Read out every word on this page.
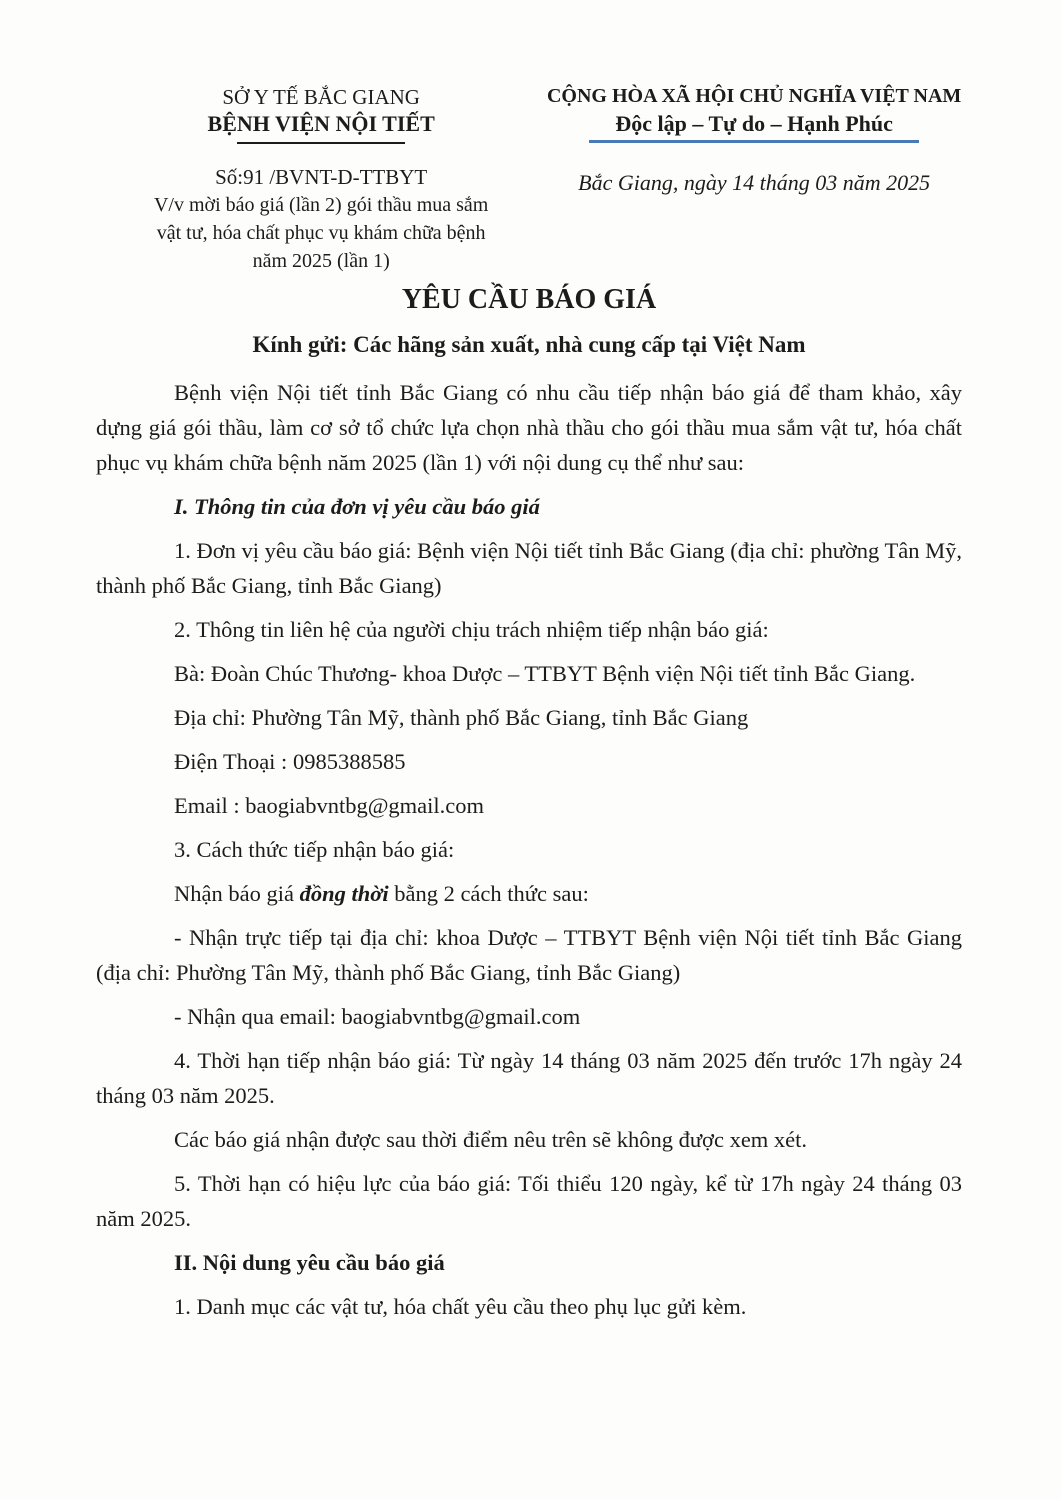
SỞ Y TẾ BẮC GIANG
BỆNH VIỆN NỘI TIẾT
Số:91 /BVNT-D-TTBYT
V/v mời báo giá (lần 2) gói thầu mua sắm
vật tư, hóa chất phục vụ khám chữa bệnh
năm 2025 (lần 1)
CỘNG HÒA XÃ HỘI CHỦ NGHĨA VIỆT NAM
Độc lập – Tự do – Hạnh Phúc
Bắc Giang, ngày 14 tháng 03 năm 2025
YÊU CẦU BÁO GIÁ
Kính gửi: Các hãng sản xuất, nhà cung cấp tại Việt Nam

Bệnh viện Nội tiết tỉnh Bắc Giang có nhu cầu tiếp nhận báo giá để tham khảo, xây dựng giá gói thầu, làm cơ sở tổ chức lựa chọn nhà thầu cho gói thầu mua sắm vật tư, hóa chất phục vụ khám chữa bệnh năm 2025 (lần 1) với nội dung cụ thể như sau:

I. Thông tin của đơn vị yêu cầu báo giá

1. Đơn vị yêu cầu báo giá: Bệnh viện Nội tiết tỉnh Bắc Giang (địa chỉ: phường Tân Mỹ, thành phố Bắc Giang, tỉnh Bắc Giang)

2. Thông tin liên hệ của người chịu trách nhiệm tiếp nhận báo giá:

Bà: Đoàn Chúc Thương- khoa Dược – TTBYT Bệnh viện Nội tiết tỉnh Bắc Giang.

Địa chỉ: Phường Tân Mỹ, thành phố Bắc Giang, tỉnh Bắc Giang

Điện Thoại : 0985388585

Email : baogiabvntbg@gmail.com

3. Cách thức tiếp nhận báo giá:

Nhận báo giá đồng thời bằng 2 cách thức sau:

- Nhận trực tiếp tại địa chỉ: khoa Dược – TTBYT Bệnh viện Nội tiết tỉnh Bắc Giang (địa chỉ: Phường Tân Mỹ, thành phố Bắc Giang, tỉnh Bắc Giang)

- Nhận qua email: baogiabvntbg@gmail.com

4. Thời hạn tiếp nhận báo giá: Từ ngày 14 tháng 03 năm 2025 đến trước 17h ngày 24 tháng 03 năm 2025.

Các báo giá nhận được sau thời điểm nêu trên sẽ không được xem xét.

5. Thời hạn có hiệu lực của báo giá: Tối thiểu 120 ngày, kể từ 17h ngày 24 tháng 03 năm 2025.

II. Nội dung yêu cầu báo giá

1. Danh mục các vật tư, hóa chất yêu cầu theo phụ lục gửi kèm.
